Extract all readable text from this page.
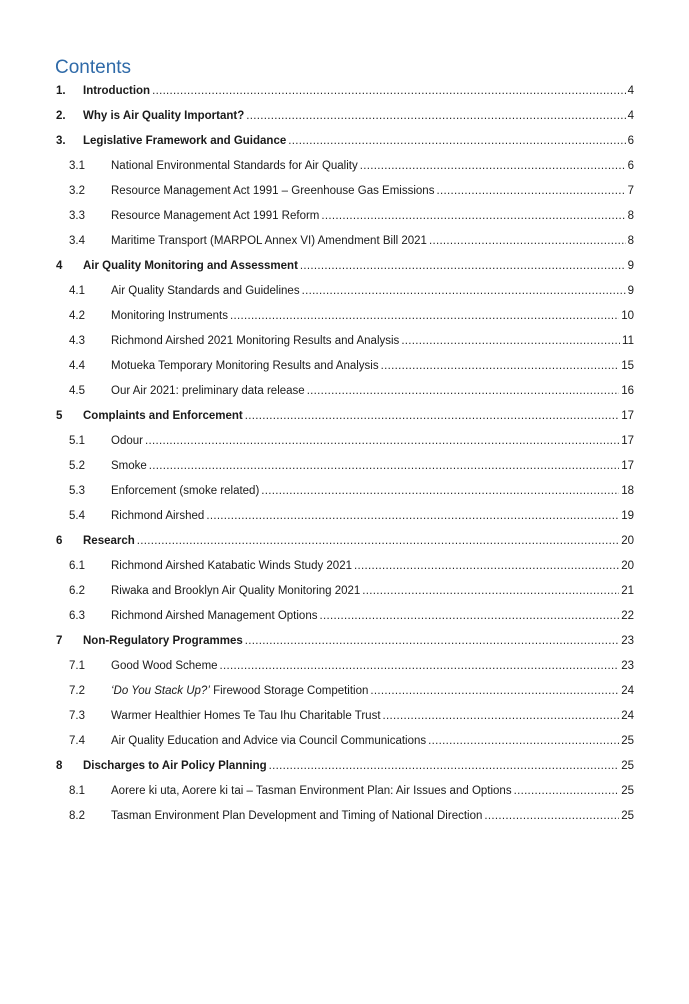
Contents
1.	Introduction .....	4
2.	Why is Air Quality Important? .....	4
3.	Legislative Framework and Guidance .....	6
3.1	National Environmental Standards for Air Quality .....	6
3.2	Resource Management Act 1991 – Greenhouse Gas Emissions .....	7
3.3	Resource Management Act 1991 Reform .....	8
3.4	Maritime Transport (MARPOL Annex VI) Amendment Bill 2021 .....	8
4	Air Quality Monitoring and Assessment .....	9
4.1	Air Quality Standards and Guidelines .....	9
4.2	Monitoring Instruments .....	10
4.3	Richmond Airshed 2021 Monitoring Results and Analysis .....	11
4.4	Motueka Temporary Monitoring Results and Analysis .....	15
4.5	Our Air 2021: preliminary data release .....	16
5	Complaints and Enforcement .....	17
5.1	Odour .....	17
5.2	Smoke .....	17
5.3	Enforcement (smoke related) .....	18
5.4	Richmond Airshed .....	19
6	Research .....	20
6.1	Richmond Airshed Katabatic Winds Study 2021 .....	20
6.2	Riwaka and Brooklyn Air Quality Monitoring 2021 .....	21
6.3	Richmond Airshed Management Options .....	22
7	Non-Regulatory Programmes .....	23
7.1	Good Wood Scheme .....	23
7.2	‘Do You Stack Up?’ Firewood Storage Competition .....	24
7.3	Warmer Healthier Homes Te Tau Ihu Charitable Trust .....	24
7.4	Air Quality Education and Advice via Council Communications .....	25
8	Discharges to Air Policy Planning .....	25
8.1	Aorere ki uta, Aorere ki tai – Tasman Environment Plan: Air Issues and Options .....	25
8.2	Tasman Environment Plan Development and Timing of National Direction .....	25
